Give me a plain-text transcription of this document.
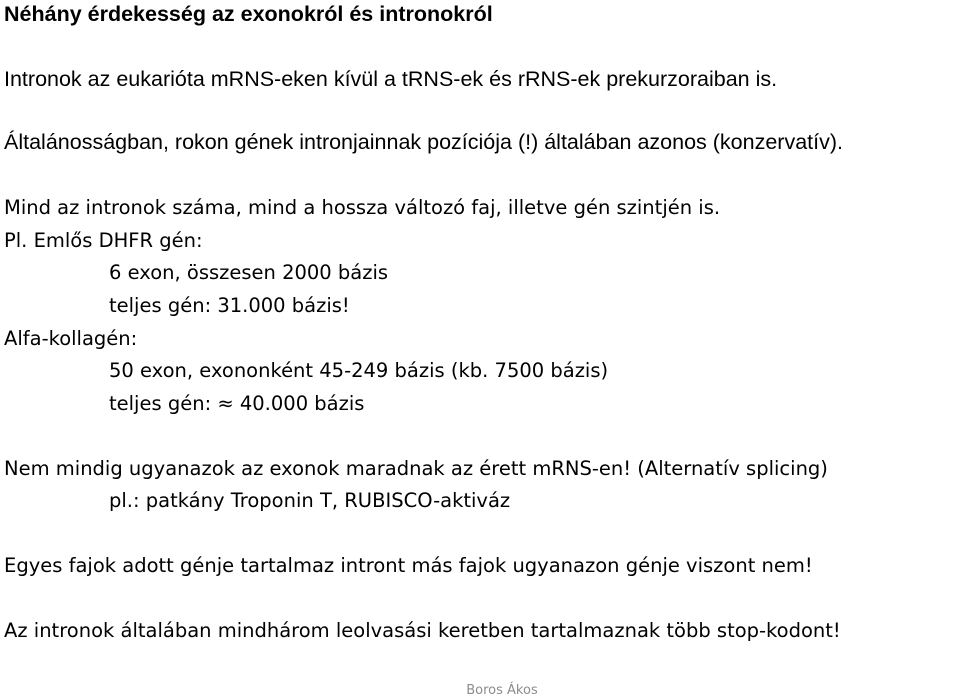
Néhány érdekesség az exonokról és intronokról
Intronok az eukarióta mRNS-eken kívül a tRNS-ek és rRNS-ek prekurzoraiban is.
Általánosságban, rokon gének intronjainnak pozíciója (!) általában azonos (konzervatív).
Mind az intronok száma, mind a hossza változó faj, illetve gén szintjén is.
Pl. Emlős DHFR gén:
6 exon, összesen 2000 bázis
teljes gén: 31.000 bázis!
Alfa-kollagén:
50 exon, exononként 45-249 bázis (kb. 7500 bázis)
teljes gén: ≈ 40.000 bázis
Nem mindig ugyanazok az exonok maradnak az érett mRNS-en! (Alternatív splicing)
pl.: patkány Troponin T, RUBISCO-aktiváz
Egyes fajok adott génje tartalmaz intront más fajok ugyanazon génje viszont nem!
Az intronok általában mindhárom leolvasási keretben tartalmaznak több stop-kodont!
Boros Ákos
